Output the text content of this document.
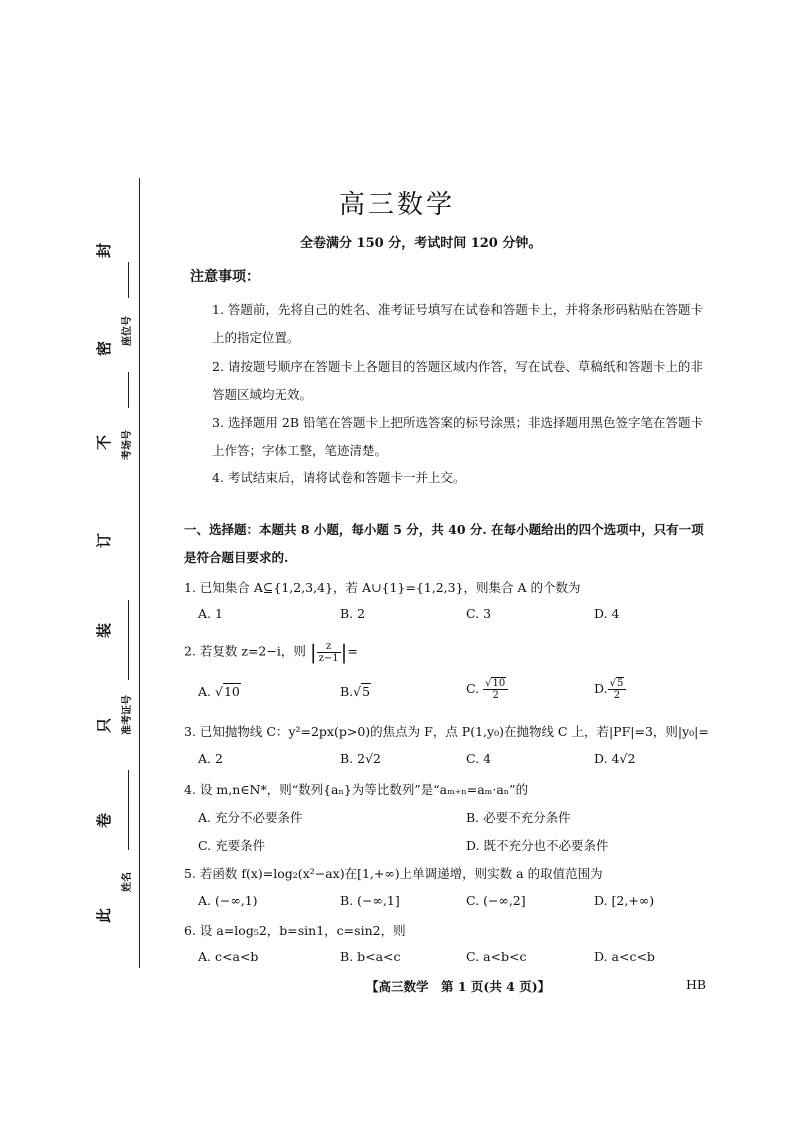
封
密
不
订
装
只
卷
此
座位号
考场号
准考证号
姓名
高三数学
全卷满分 150 分，考试时间 120 分钟。
注意事项：
1. 答题前，先将自己的姓名、准考证号填写在试卷和答题卡上，并将条形码粘贴在答题卡上的指定位置。
2. 请按题号顺序在答题卡上各题目的答题区域内作答，写在试卷、草稿纸和答题卡上的非答题区域均无效。
3. 选择题用 2B 铅笔在答题卡上把所选答案的标号涂黑；非选择题用黑色签字笔在答题卡上作答；字体工整，笔迹清楚。
4. 考试结束后，请将试卷和答题卡一并上交。
一、选择题：本题共 8 小题，每小题 5 分，共 40 分. 在每小题给出的四个选项中，只有一项是符合题目要求的.
1. 已知集合 A⊆{1,2,3,4}，若 A∪{1}={1,2,3}，则集合 A 的个数为
A. 1	B. 2	C. 3	D. 4
2. 若复数 z=2−i，则 | $\frac{z}{z-1}$ |=
A. √10	B.√5	C. $\frac{√10}{2}$	D. $\frac{√5}{2}$
3. 已知抛物线 C：y²=2px(p>0)的焦点为 F，点 P(1,y₀)在抛物线 C 上，若|PF|=3，则|y₀|=
A. 2	B. 2√2	C. 4	D. 4√2
4. 设 m,n∈N*，则“数列{aₙ}为等比数列”是“aₘ₊ₙ=aₘ·aₙ”的
A. 充分不必要条件	B. 必要不充分条件
C. 充要条件	D. 既不充分也不必要条件
5. 若函数 f(x)=log₂(x²−ax)在[1,+∞)上单调递增，则实数 a 的取值范围为
A. (−∞,1)	B. (−∞,1]	C. (−∞,2]	D. [2,+∞)
6. 设 a=log₅2，b=sin1，c=sin2，则
A. c<a<b	B. b<a<c	C. a<b<c	D. a<c<b
【高三数学　第 1 页(共 4 页)】	HB
